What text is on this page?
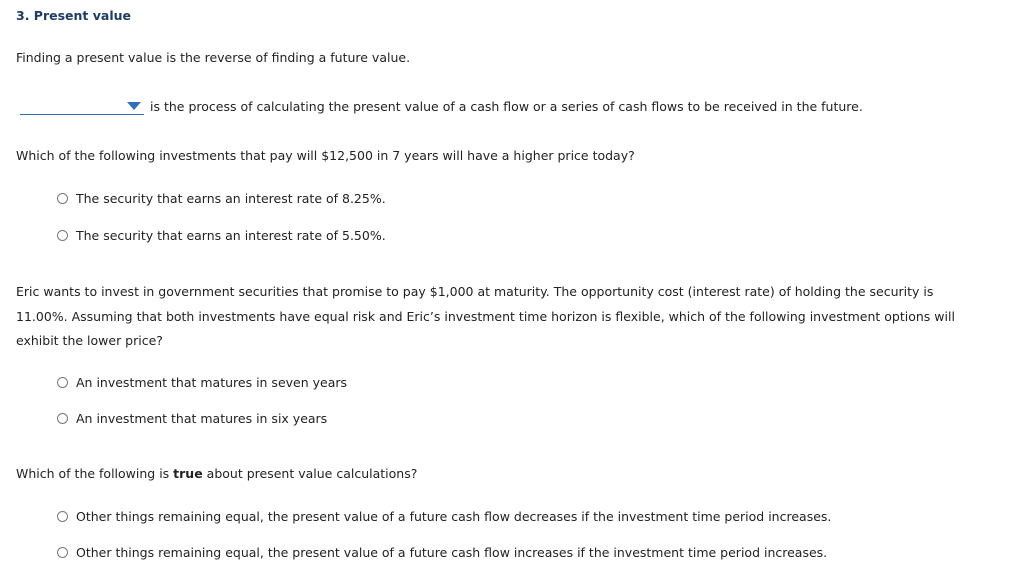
3. Present value
Finding a present value is the reverse of finding a future value.
is the process of calculating the present value of a cash flow or a series of cash flows to be received in the future.
Which of the following investments that pay will $12,500 in 7 years will have a higher price today?
The security that earns an interest rate of 8.25%.
The security that earns an interest rate of 5.50%.
Eric wants to invest in government securities that promise to pay $1,000 at maturity. The opportunity cost (interest rate) of holding the security is 11.00%. Assuming that both investments have equal risk and Eric’s investment time horizon is flexible, which of the following investment options will exhibit the lower price?
An investment that matures in seven years
An investment that matures in six years
Which of the following is true about present value calculations?
Other things remaining equal, the present value of a future cash flow decreases if the investment time period increases.
Other things remaining equal, the present value of a future cash flow increases if the investment time period increases.
